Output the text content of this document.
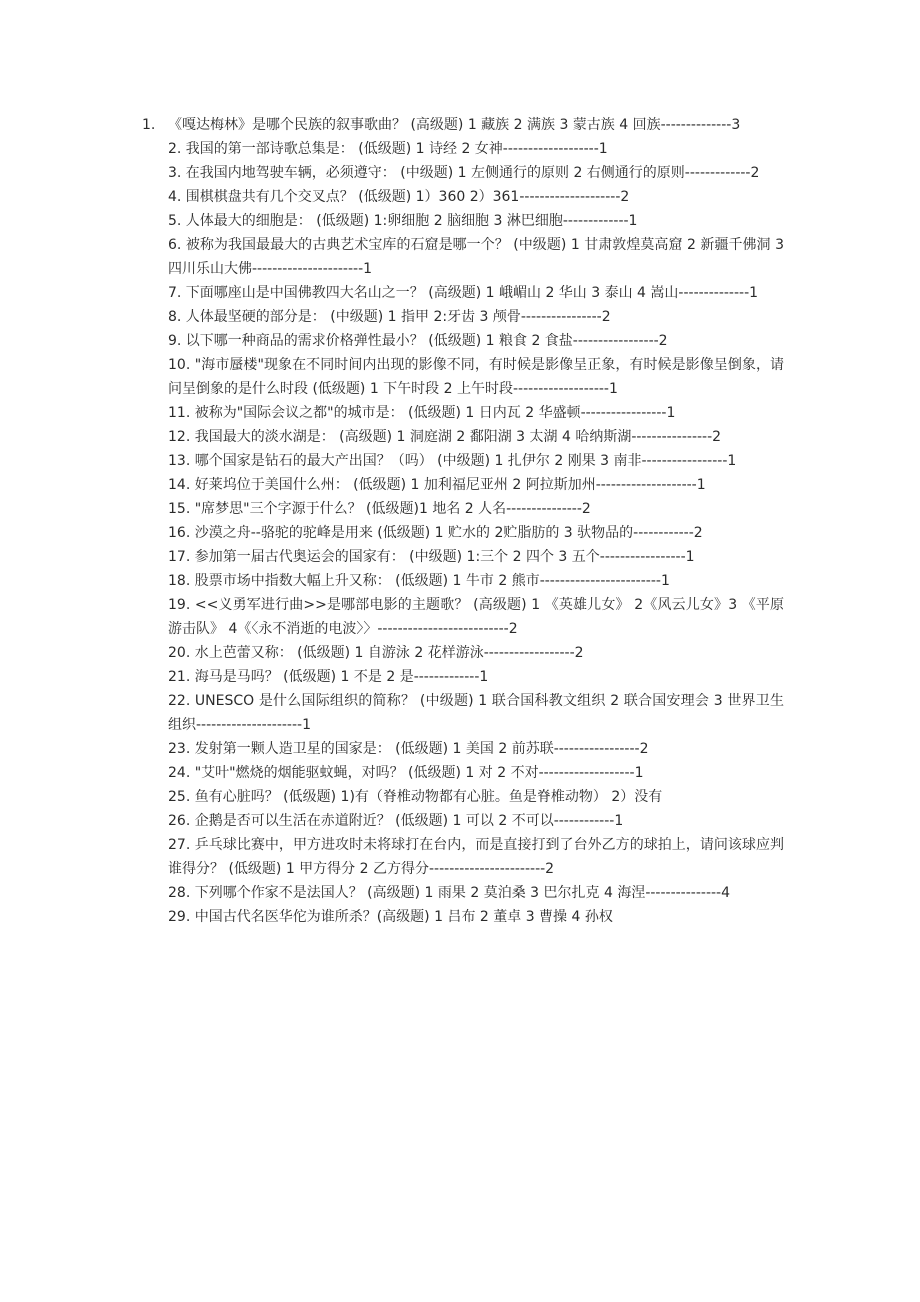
1. 《嘎达梅林》是哪个民族的叙事歌曲？ (高级题) 1 藏族 2 满族 3 蒙古族 4 回族--------------3

2. 我国的第一部诗歌总集是： (低级题) 1 诗经 2 女神-------------------1

3. 在我国内地驾驶车辆，必须遵守： (中级题) 1 左侧通行的原则 2 右侧通行的原则-------------2

4. 围棋棋盘共有几个交叉点？ (低级题) 1）360 2）361--------------------2

5. 人体最大的细胞是： (低级题) 1:卵细胞 2 脑细胞 3 淋巴细胞-------------1

6. 被称为我国最最大的古典艺术宝库的石窟是哪一个？ (中级题) 1 甘肃敦煌莫高窟 2 新疆千佛洞 3 四川乐山大佛----------------------1

7. 下面哪座山是中国佛教四大名山之一？ (高级题) 1 峨嵋山 2 华山 3 泰山 4 嵩山--------------1

8. 人体最坚硬的部分是： (中级题) 1 指甲 2:牙齿 3 颅骨----------------2

9. 以下哪一种商品的需求价格弹性最小？ (低级题) 1 粮食 2 食盐-----------------2

10. "海市蜃楼"现象在不同时间内出现的影像不同，有时候是影像呈正象，有时候是影像呈倒象，请问呈倒象的是什么时段 (低级题) 1 下午时段 2 上午时段-------------------1

11. 被称为"国际会议之都"的城市是： (低级题) 1 日内瓦 2 华盛顿-----------------1

12. 我国最大的淡水湖是： (高级题) 1 洞庭湖 2 鄱阳湖 3 太湖 4 哈纳斯湖----------------2

13. 哪个国家是钻石的最大产出国？（吗） (中级题) 1 扎伊尔 2 刚果 3 南非-----------------1

14. 好莱坞位于美国什么州： (低级题) 1 加利福尼亚州 2 阿拉斯加州--------------------1

15. "席梦思"三个字源于什么？ (低级题)1 地名 2 人名---------------2

16. 沙漠之舟--骆驼的驼峰是用来 (低级题) 1 贮水的 2贮脂肪的 3 驮物品的------------2

17. 参加第一届古代奥运会的国家有： (中级题) 1:三个 2 四个 3 五个-----------------1

18. 股票市场中指数大幅上升又称： (低级题) 1 牛市 2 熊市------------------------1

19. <<义勇军进行曲>>是哪部电影的主题歌？ (高级题) 1 《英雄儿女》 2《风云儿女》3 《平原游击队》 4《〈永不消逝的电波〉〉--------------------------2

20. 水上芭蕾又称： (低级题) 1 自游泳 2 花样游泳------------------2

21. 海马是马吗？ (低级题) 1 不是 2 是-------------1

22. UNESCO 是什么国际组织的简称？ (中级题) 1 联合国科教文组织 2 联合国安理会 3 世界卫生组织---------------------1

23. 发射第一颗人造卫星的国家是： (低级题) 1 美国 2 前苏联-----------------2

24. "艾叶"燃烧的烟能驱蚊蝇，对吗？ (低级题) 1 对 2 不对-------------------1

25. 鱼有心脏吗？ (低级题) 1)有（脊椎动物都有心脏。鱼是脊椎动物） 2）没有

26. 企鹅是否可以生活在赤道附近？ (低级题) 1 可以 2 不可以------------1

27. 乒乓球比赛中，甲方进攻时未将球打在台内，而是直接打到了台外乙方的球拍上，请问该球应判谁得分？ (低级题) 1 甲方得分 2 乙方得分-----------------------2

28. 下列哪个作家不是法国人？ (高级题) 1 雨果 2 莫泊桑 3 巴尔扎克 4 海涅---------------4

29. 中国古代名医华佗为谁所杀？(高级题) 1 吕布 2 董卓 3 曹操 4 孙权
